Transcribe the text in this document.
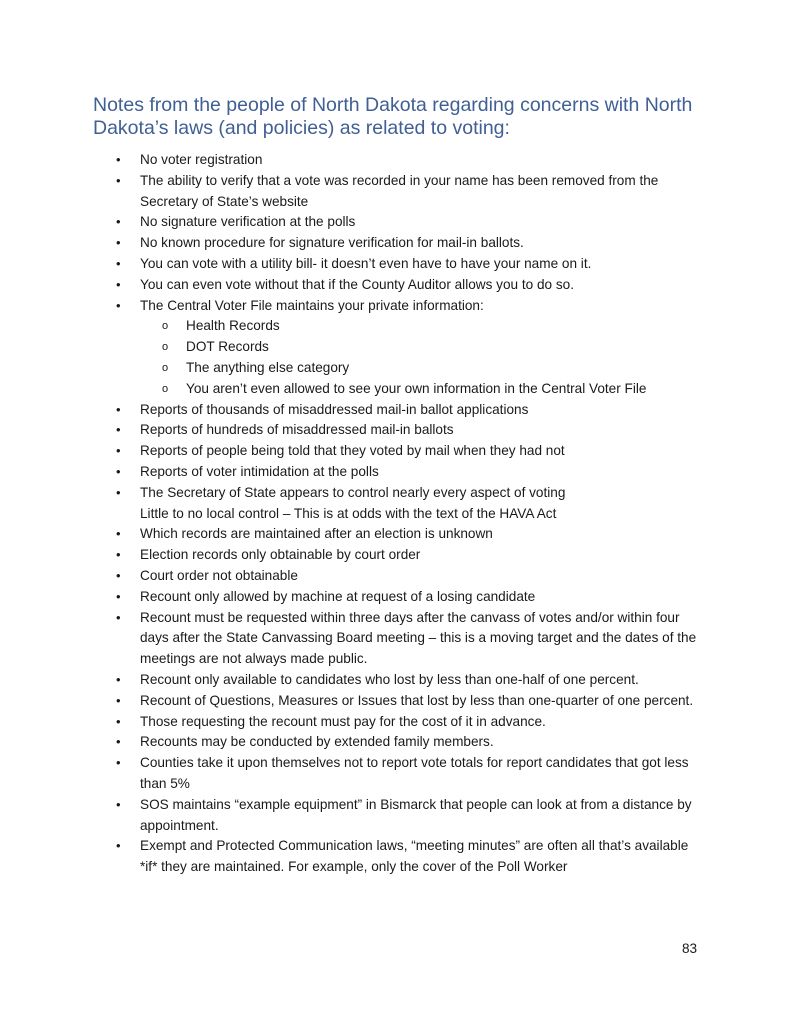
Notes from the people of North Dakota regarding concerns with North Dakota’s laws (and policies) as related to voting:
• No voter registration
• The ability to verify that a vote was recorded in your name has been removed from the Secretary of State’s website
• No signature verification at the polls
• No known procedure for signature verification for mail-in ballots.
• You can vote with a utility bill- it doesn’t even have to have your name on it.
• You can even vote without that if the County Auditor allows you to do so.
• The Central Voter File maintains your private information:
o Health Records
o DOT Records
o The anything else category
o You aren’t even allowed to see your own information in the Central Voter File
• Reports of thousands of misaddressed mail-in ballot applications
• Reports of hundreds of misaddressed mail-in ballots
• Reports of people being told that they voted by mail when they had not
• Reports of voter intimidation at the polls
• The Secretary of State appears to control nearly every aspect of voting
Little to no local control – This is at odds with the text of the HAVA Act
• Which records are maintained after an election is unknown
• Election records only obtainable by court order
• Court order not obtainable
• Recount only allowed by machine at request of a losing candidate
• Recount must be requested within three days after the canvass of votes and/or within four days after the State Canvassing Board meeting – this is a moving target and the dates of the meetings are not always made public.
• Recount only available to candidates who lost by less than one-half of one percent.
• Recount of Questions, Measures or Issues that lost by less than one-quarter of one percent.
• Those requesting the recount must pay for the cost of it in advance.
• Recounts may be conducted by extended family members.
• Counties take it upon themselves not to report vote totals for report candidates that got less than 5%
• SOS maintains “example equipment” in Bismarck that people can look at from a distance by appointment.
• Exempt and Protected Communication laws, “meeting minutes” are often all that’s available *if* they are maintained. For example, only the cover of the Poll Worker
83
